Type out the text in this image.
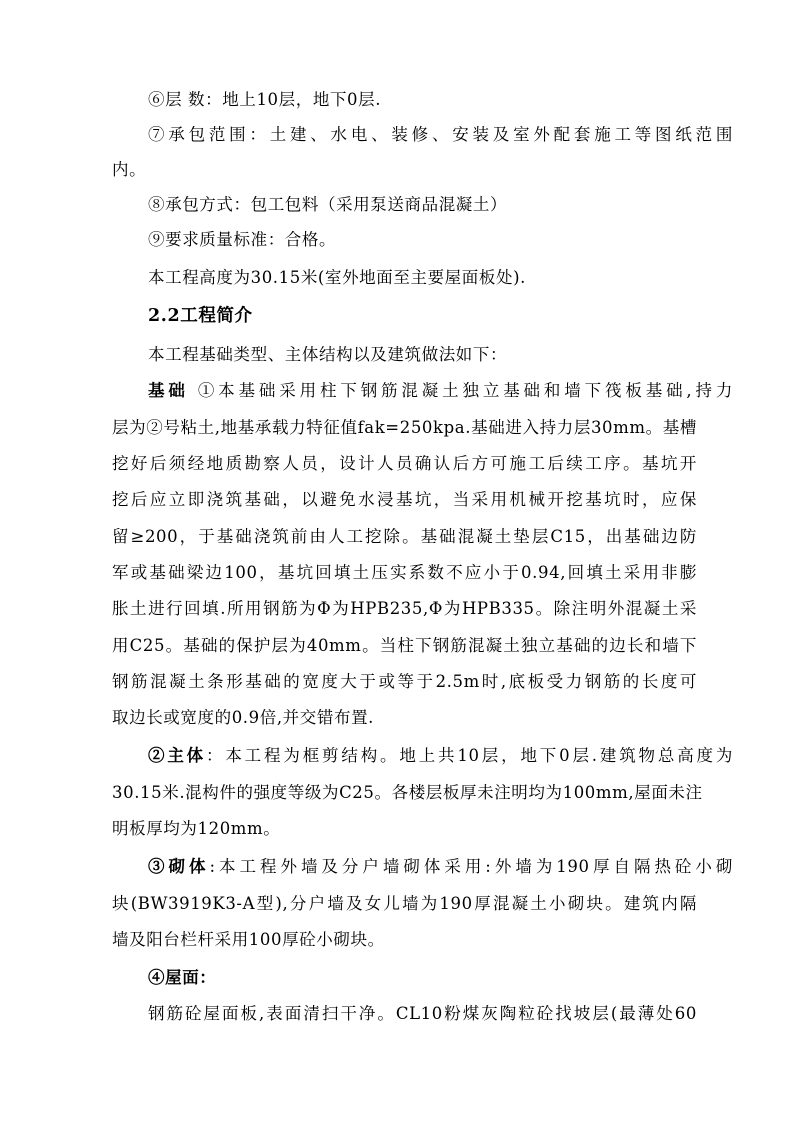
⑥层 数：地上10层，地下0层.
⑦承包范围：土建、水电、装修、安装及室外配套施工等图纸范围
内。
⑧承包方式：包工包料（采用泵送商品混凝土）
⑨要求质量标准：合格。
本工程高度为30.15米(室外地面至主要屋面板处).
2.2工程简介
本工程基础类型、主体结构以及建筑做法如下：
基础 ①本基础采用柱下钢筋混凝土独立基础和墙下筏板基础,持力
层为②号粘土,地基承载力特征值fak=250kpa.基础进入持力层30mm。基槽
挖好后须经地质勘察人员，设计人员确认后方可施工后续工序。基坑开
挖后应立即浇筑基础，以避免水浸基坑，当采用机械开挖基坑时，应保
留≥200，于基础浇筑前由人工挖除。基础混凝土垫层C15，出基础边防
军或基础梁边100，基坑回填土压实系数不应小于0.94,回填土采用非膨
胀土进行回填.所用钢筋为Φ为HPB235,Φ为HPB335。除注明外混凝土采
用C25。基础的保护层为40mm。当柱下钢筋混凝土独立基础的边长和墙下
钢筋混凝土条形基础的宽度大于或等于2.5m时,底板受力钢筋的长度可
取边长或宽度的0.9倍,并交错布置.
②主体：本工程为框剪结构。地上共10层，地下0层.建筑物总高度为
30.15米.混构件的强度等级为C25。各楼层板厚未注明均为100mm,屋面未注
明板厚均为120mm。
③砌体:本工程外墙及分户墙砌体采用:外墙为190厚自隔热砼小砌
块(BW3919K3-A型),分户墙及女儿墙为190厚混凝土小砌块。建筑内隔
墙及阳台栏杆采用100厚砼小砌块。
④屋面：
钢筋砼屋面板,表面清扫干净。CL10粉煤灰陶粒砼找坡层(最薄处60
